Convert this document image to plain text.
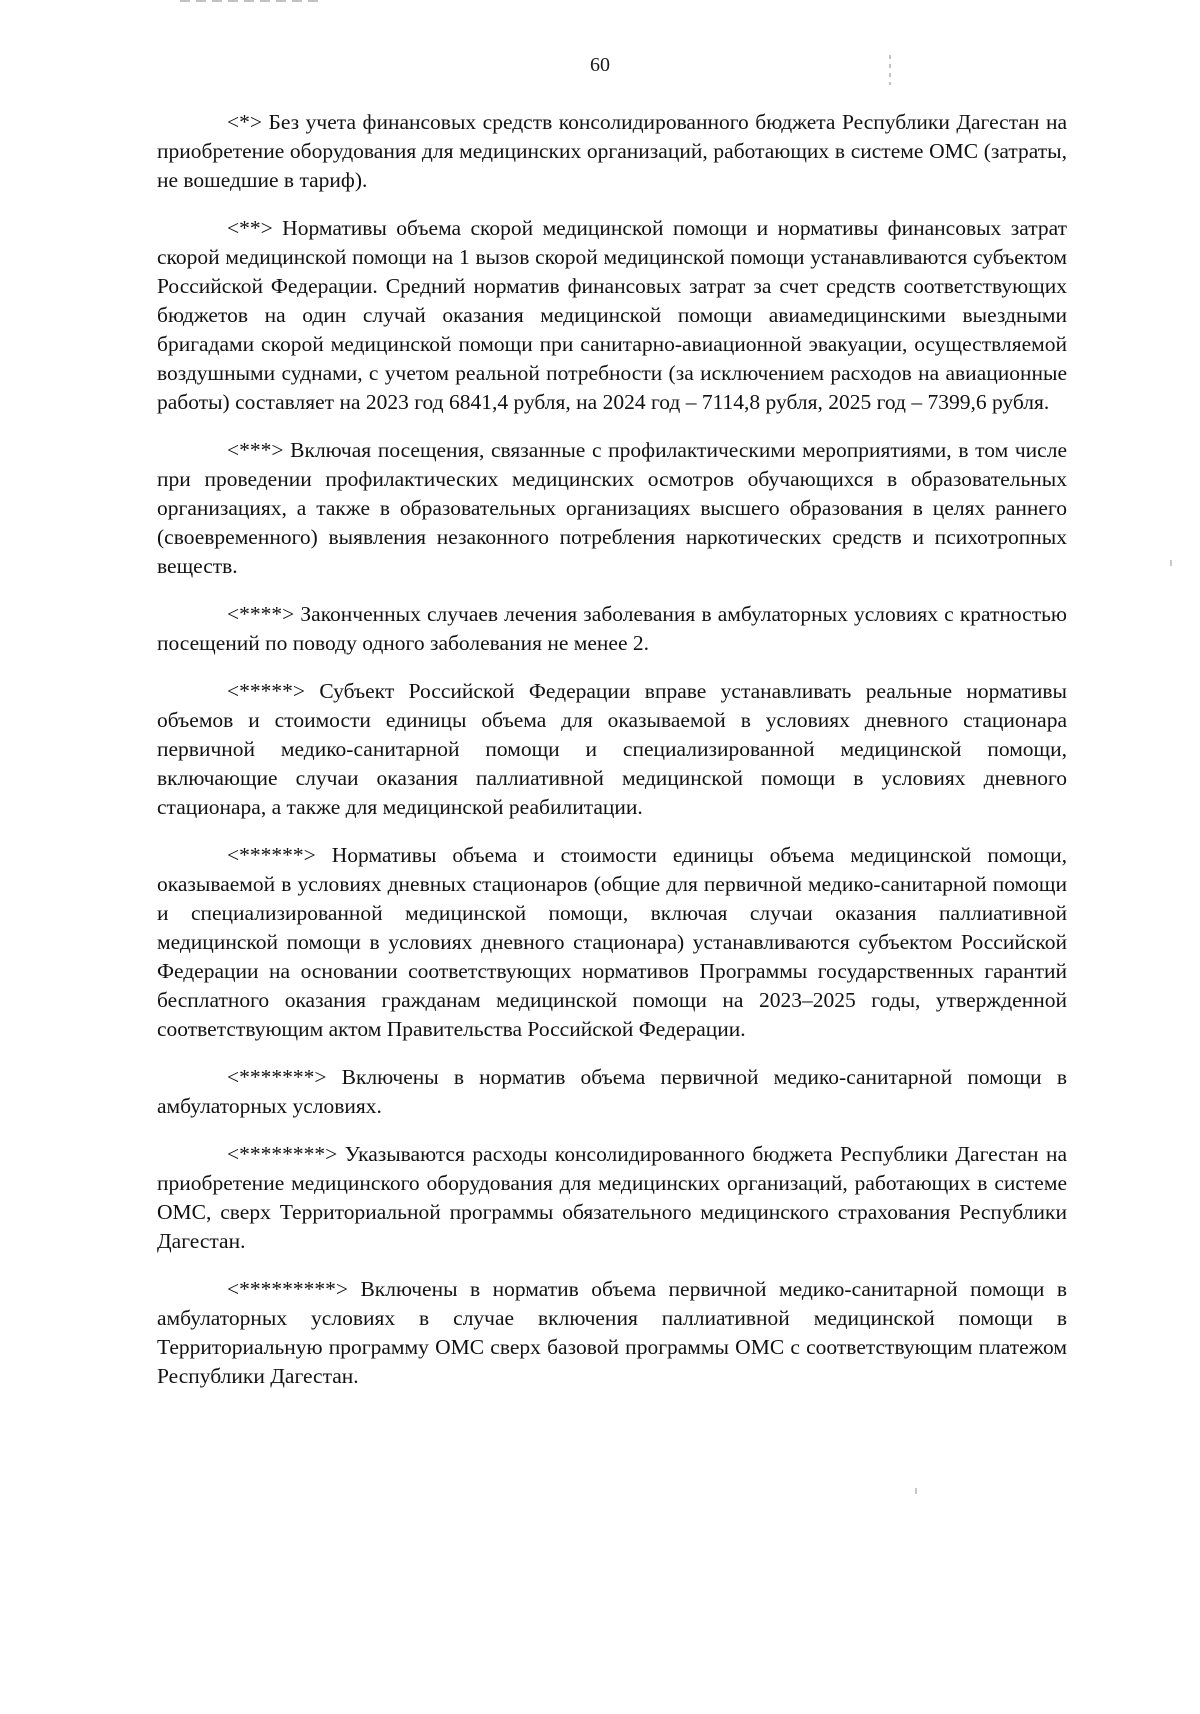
60

<*> Без учета финансовых средств консолидированного бюджета Республики Дагестан на приобретение оборудования для медицинских организаций, работающих в системе ОМС (затраты, не вошедшие в тариф).

<**> Нормативы объема скорой медицинской помощи и нормативы финансовых затрат скорой медицинской помощи на 1 вызов скорой медицинской помощи устанавливаются субъектом Российской Федерации. Средний норматив финансовых затрат за счет средств соответствующих бюджетов на один случай оказания медицинской помощи авиамедицинскими выездными бригадами скорой медицинской помощи при санитарно-авиационной эвакуации, осуществляемой воздушными суднами, с учетом реальной потребности (за исключением расходов на авиационные работы) составляет на 2023 год 6841,4 рубля, на 2024 год – 7114,8 рубля, 2025 год – 7399,6 рубля.

<***> Включая посещения, связанные с профилактическими мероприятиями, в том числе при проведении профилактических медицинских осмотров обучающихся в образовательных организациях, а также в образовательных организациях высшего образования в целях раннего (своевременного) выявления незаконного потребления наркотических средств и психотропных веществ.

<****> Законченных случаев лечения заболевания в амбулаторных условиях с кратностью посещений по поводу одного заболевания не менее 2.

<*****> Субъект Российской Федерации вправе устанавливать реальные нормативы объемов и стоимости единицы объема для оказываемой в условиях дневного стационара первичной медико-санитарной помощи и специализированной медицинской помощи, включающие случаи оказания паллиативной медицинской помощи в условиях дневного стационара, а также для медицинской реабилитации.

<******> Нормативы объема и стоимости единицы объема медицинской помощи, оказываемой в условиях дневных стационаров (общие для первичной медико-санитарной помощи и специализированной медицинской помощи, включая случаи оказания паллиативной медицинской помощи в условиях дневного стационара) устанавливаются субъектом Российской Федерации на основании соответствующих нормативов Программы государственных гарантий бесплатного оказания гражданам медицинской помощи на 2023–2025 годы, утвержденной соответствующим актом Правительства Российской Федерации.

<*******> Включены в норматив объема первичной медико-санитарной помощи в амбулаторных условиях.

<********> Указываются расходы консолидированного бюджета Республики Дагестан на приобретение медицинского оборудования для медицинских организаций, работающих в системе ОМС, сверх Территориальной программы обязательного медицинского страхования Республики Дагестан.

<*********> Включены в норматив объема первичной медико-санитарной помощи в амбулаторных условиях в случае включения паллиативной медицинской помощи в Территориальную программу ОМС сверх базовой программы ОМС с соответствующим платежом Республики Дагестан.
